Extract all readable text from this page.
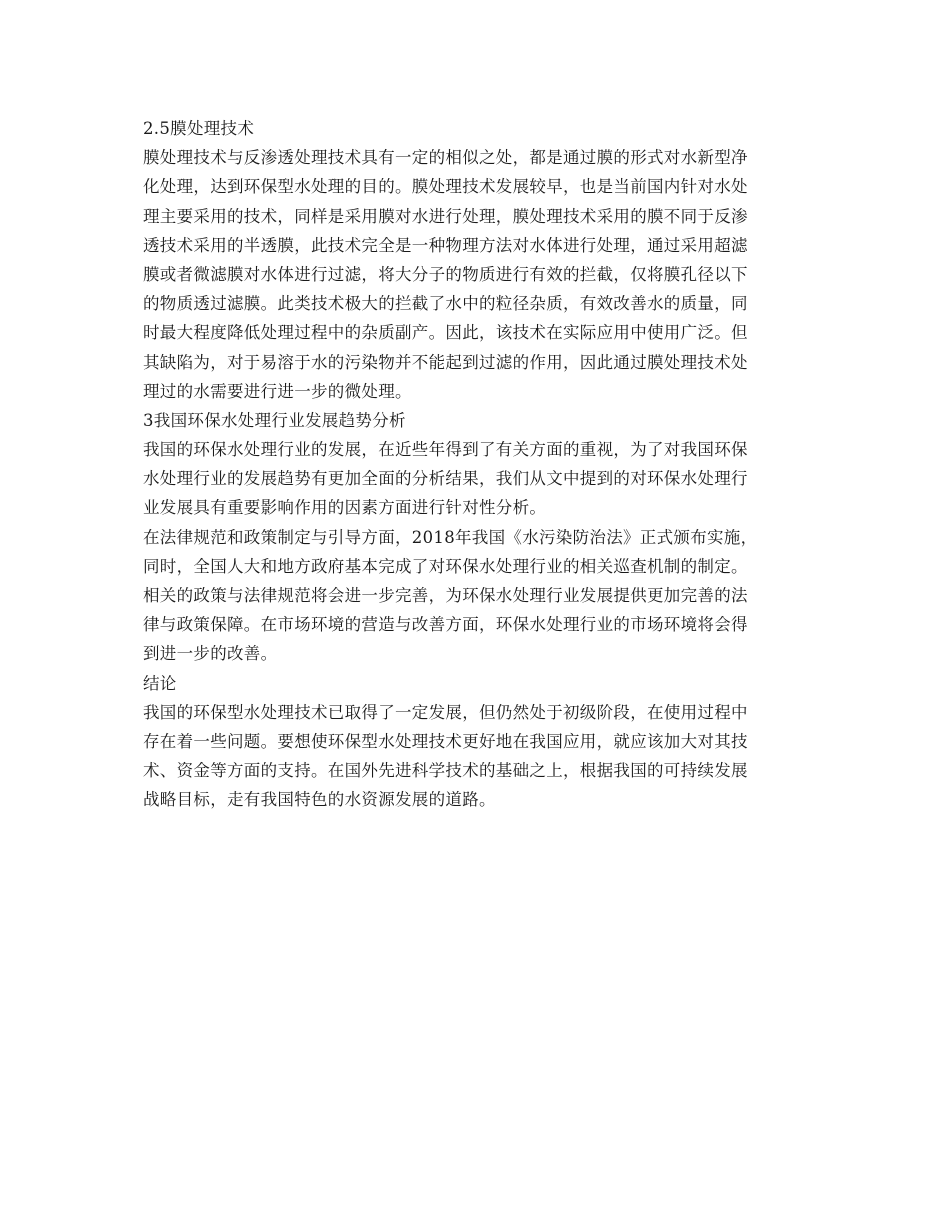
2.5膜处理技术
膜处理技术与反渗透处理技术具有一定的相似之处，都是通过膜的形式对水新型净
化处理，达到环保型水处理的目的。膜处理技术发展较早，也是当前国内针对水处
理主要采用的技术，同样是采用膜对水进行处理，膜处理技术采用的膜不同于反渗
透技术采用的半透膜，此技术完全是一种物理方法对水体进行处理，通过采用超滤
膜或者微滤膜对水体进行过滤，将大分子的物质进行有效的拦截，仅将膜孔径以下
的物质透过滤膜。此类技术极大的拦截了水中的粒径杂质，有效改善水的质量，同
时最大程度降低处理过程中的杂质副产。因此，该技术在实际应用中使用广泛。但
其缺陷为，对于易溶于水的污染物并不能起到过滤的作用，因此通过膜处理技术处
理过的水需要进行进一步的微处理。
3我国环保水处理行业发展趋势分析
我国的环保水处理行业的发展，在近些年得到了有关方面的重视，为了对我国环保
水处理行业的发展趋势有更加全面的分析结果，我们从文中提到的对环保水处理行
业发展具有重要影响作用的因素方面进行针对性分析。
在法律规范和政策制定与引导方面，2018年我国《水污染防治法》正式颁布实施，
同时，全国人大和地方政府基本完成了对环保水处理行业的相关巡查机制的制定。
相关的政策与法律规范将会进一步完善，为环保水处理行业发展提供更加完善的法
律与政策保障。在市场环境的营造与改善方面，环保水处理行业的市场环境将会得
到进一步的改善。
结论
我国的环保型水处理技术已取得了一定发展，但仍然处于初级阶段，在使用过程中
存在着一些问题。要想使环保型水处理技术更好地在我国应用，就应该加大对其技
术、资金等方面的支持。在国外先进科学技术的基础之上，根据我国的可持续发展
战略目标，走有我国特色的水资源发展的道路。
